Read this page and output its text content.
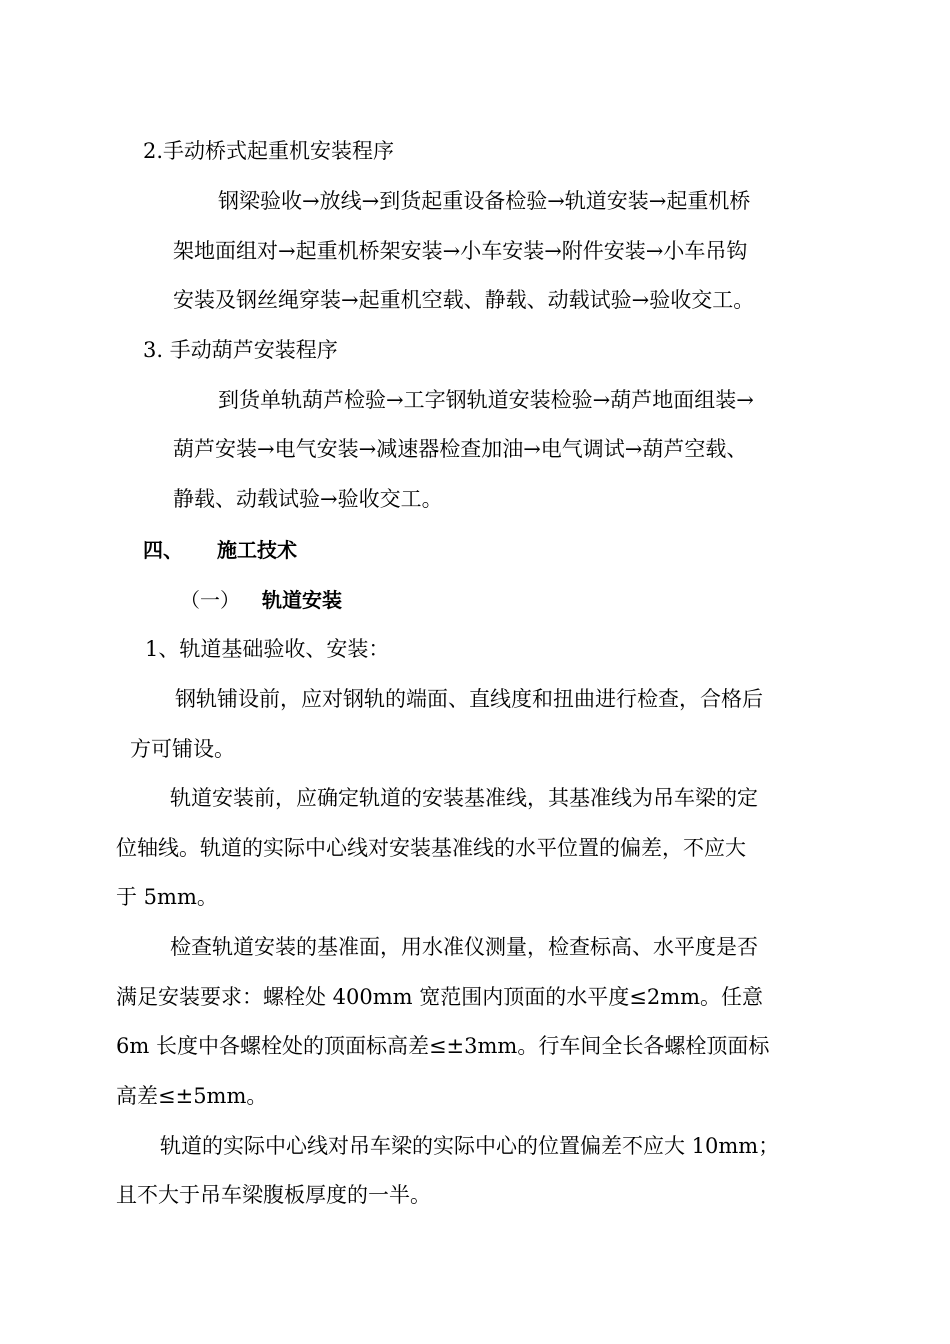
2.手动桥式起重机安装程序
钢梁验收→放线→到货起重设备检验→轨道安装→起重机桥
架地面组对→起重机桥架安装→小车安装→附件安装→小车吊钩
安装及钢丝绳穿装→起重机空载、静载、动载试验→验收交工。
3. 手动葫芦安装程序
到货单轨葫芦检验→工字钢轨道安装检验→葫芦地面组装→
葫芦安装→电气安装→减速器检查加油→电气调试→葫芦空载、
静载、动载试验→验收交工。
四、 施工技术
（一） 轨道安装
1、轨道基础验收、安装：
钢轨铺设前，应对钢轨的端面、直线度和扭曲进行检查，合格后
方可铺设。
轨道安装前，应确定轨道的安装基准线，其基准线为吊车梁的定
位轴线。轨道的实际中心线对安装基准线的水平位置的偏差，不应大
于 5mm。
检查轨道安装的基准面，用水准仪测量，检查标高、水平度是否
满足安装要求：螺栓处 400mm 宽范围内顶面的水平度≤2mm。任意
6m 长度中各螺栓处的顶面标高差≤±3mm。行车间全长各螺栓顶面标
高差≤±5mm。
轨道的实际中心线对吊车梁的实际中心的位置偏差不应大 10mm；
且不大于吊车梁腹板厚度的一半。
